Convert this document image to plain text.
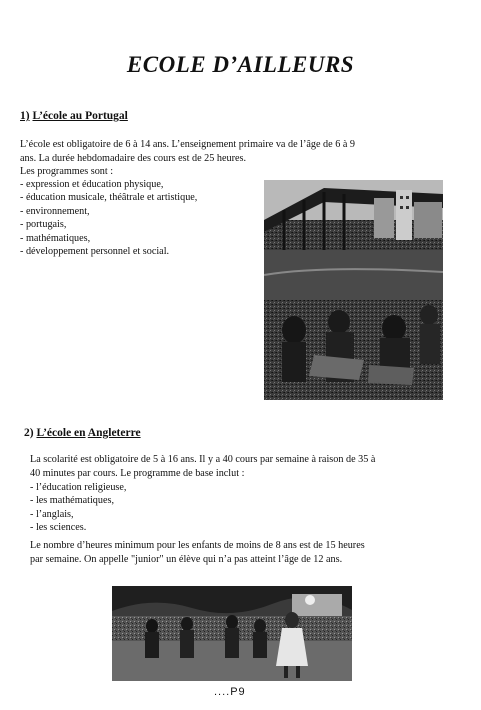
ECOLE D’AILLEURS
1) L’école au Portugal
L’école est obligatoire de 6 à 14 ans. L’enseignement primaire va de l’âge de 6 à 9
ans. La durée hebdomadaire des cours est de 25 heures.
Les programmes sont :
- expression et éducation physique,
- éducation musicale, théâtrale et artistique,
- environnement,
- portugais,
- mathématiques,
- développement personnel et social.
2) L’école en Angleterre
La scolarité est obligatoire de 5 à 16 ans. Il y a 40 cours par semaine à raison de 35 à
40 minutes par cours. Le programme de base inclut :
- l’éducation religieuse,
- les mathématiques,
- l’anglais,
- les sciences.
Le nombre d’heures minimum pour les enfants de moins de 8 ans est de 15 heures
par semaine. On appelle "junior" un élève qui n’a pas atteint l’âge de 12 ans.
....P9
